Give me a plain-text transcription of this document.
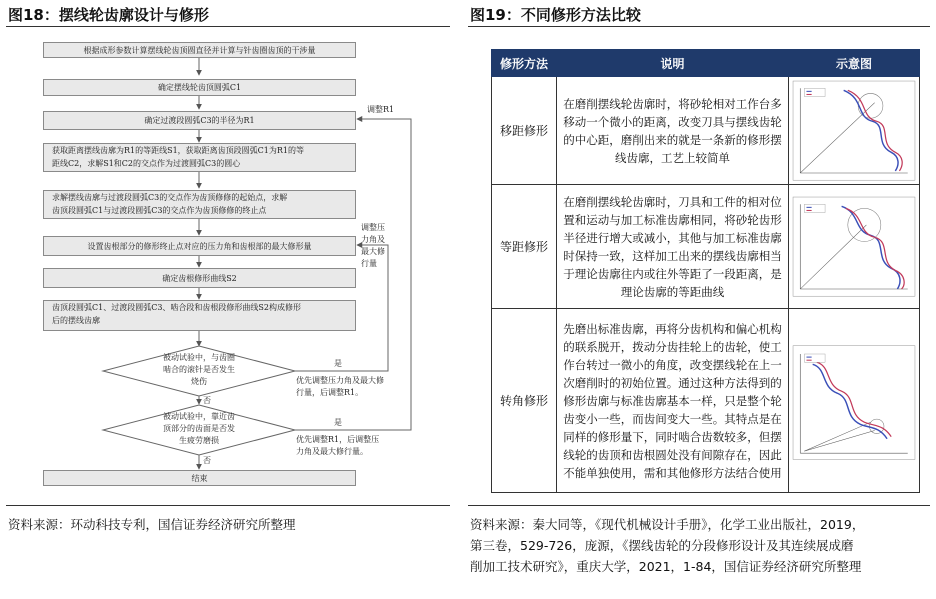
图18：摆线轮齿廓设计与修形
根据成形参数计算摆线轮齿顶圆直径并计算与针齿圈齿顶的干涉量
确定摆线轮齿顶圆弧C1
确定过渡段圆弧C3的半径为R1
获取距离摆线齿廓为R1的等距线S1，获取距离齿顶段圆弧C1为R1的等
距线C2，求解S1和C2的交点作为过渡圆弧C3的圆心
求解摆线齿廓与过渡段圆弧C3的交点作为齿顶修修的起始点，求解
齿顶段圆弧C1与过渡段圆弧C3的交点作为齿顶修修的终止点
设置齿根部分的修形终止点对应的压力角和齿根部的最大修形量
确定齿根修形曲线S2
齿顶段圆弧C1、过渡段圆弧C3、啮合段和齿根段修形曲线S2构成修形
后的摆线齿廓
被动试验中，与齿圈
啮合的滚针是否发生
烧伤
被动试验中，靠近齿
顶部分的齿面是否发
生疲劳磨损
结束
调整R1
调整压
力角及
最大修
行量
是
否
是
否
优先调整压力角及最大修
行量，后调整R1。
优先调整R1，后调整压
力角及最大修行量。
资料来源：环动科技专利，国信证券经济研究所整理
图19：不同修形方法比较
修形方法	说明	示意图
移距修形	在磨削摆线轮齿廓时，将砂轮相对工作台多移动一个微小的距离，改变刀具与摆线齿轮的中心距，磨削出来的就是一条新的修形摆线齿廓，工艺上较简单	

等距修形	在磨削摆线轮齿廓时，刀具和工件的相对位置和运动与加工标准齿廓相同，将砂轮齿形半径进行增大或减小，其他与加工标准齿廓时保持一致，这样加工出来的摆线齿廓相当于理论齿廓往内或往外等距了一段距离，是理论齿廓的等距曲线	

转角修形	先磨出标准齿廓，再将分齿机构和偏心机构的联系脱开，拨动分齿挂轮上的齿轮，使工作台转过一微小的角度，改变摆线轮在上一次磨削时的初始位置。通过这种方法得到的修形齿廓与标准齿廓基本一样，只是整个轮齿变小一些，而齿间变大一些。其特点是在同样的修形量下，同时啮合齿数较多，但摆线轮的齿顶和齿根圆处没有间隙存在，因此不能单独使用，需和其他修形方法结合使用	
资料来源：秦大同等，《现代机械设计手册》，化学工业出版社，2019，
第三卷，529-726，庞源，《摆线齿轮的分段修形设计及其连续展成磨
削加工技术研究》，重庆大学，2021，1-84，国信证券经济研究所整理
